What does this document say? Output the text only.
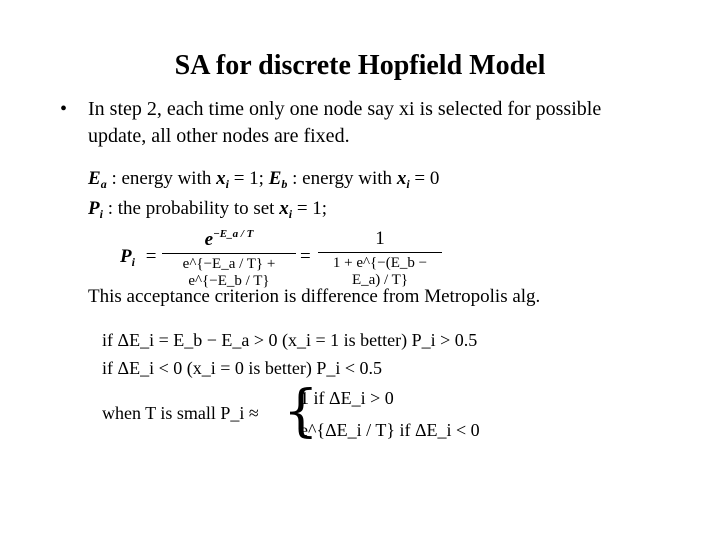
SA for discrete Hopfield Model
• In step 2, each time only one node say xi is selected for possible update, all other nodes are fixed.
$E_a$ : energy with $x_i = 1$; $E_b$ : energy with $x_i = 0$
$P_i$ : the probability to set $x_i = 1$;
$P_i$ =
$e^{-E\_a / T}$
e^{−E_a / T} + e^{−E_b / T}
=
1
1 + e^{−(E_b − E_a) / T}
This acceptance criterion is difference from Metropolis alg.
if ΔE_i = E_b − E_a > 0 (x_i = 1 is better) P_i > 0.5
if ΔE_i < 0 (x_i = 0 is better) P_i < 0.5
when T is small P_i ≈ {
1 if ΔE_i > 0
e^{ΔE_i / T} if ΔE_i < 0
